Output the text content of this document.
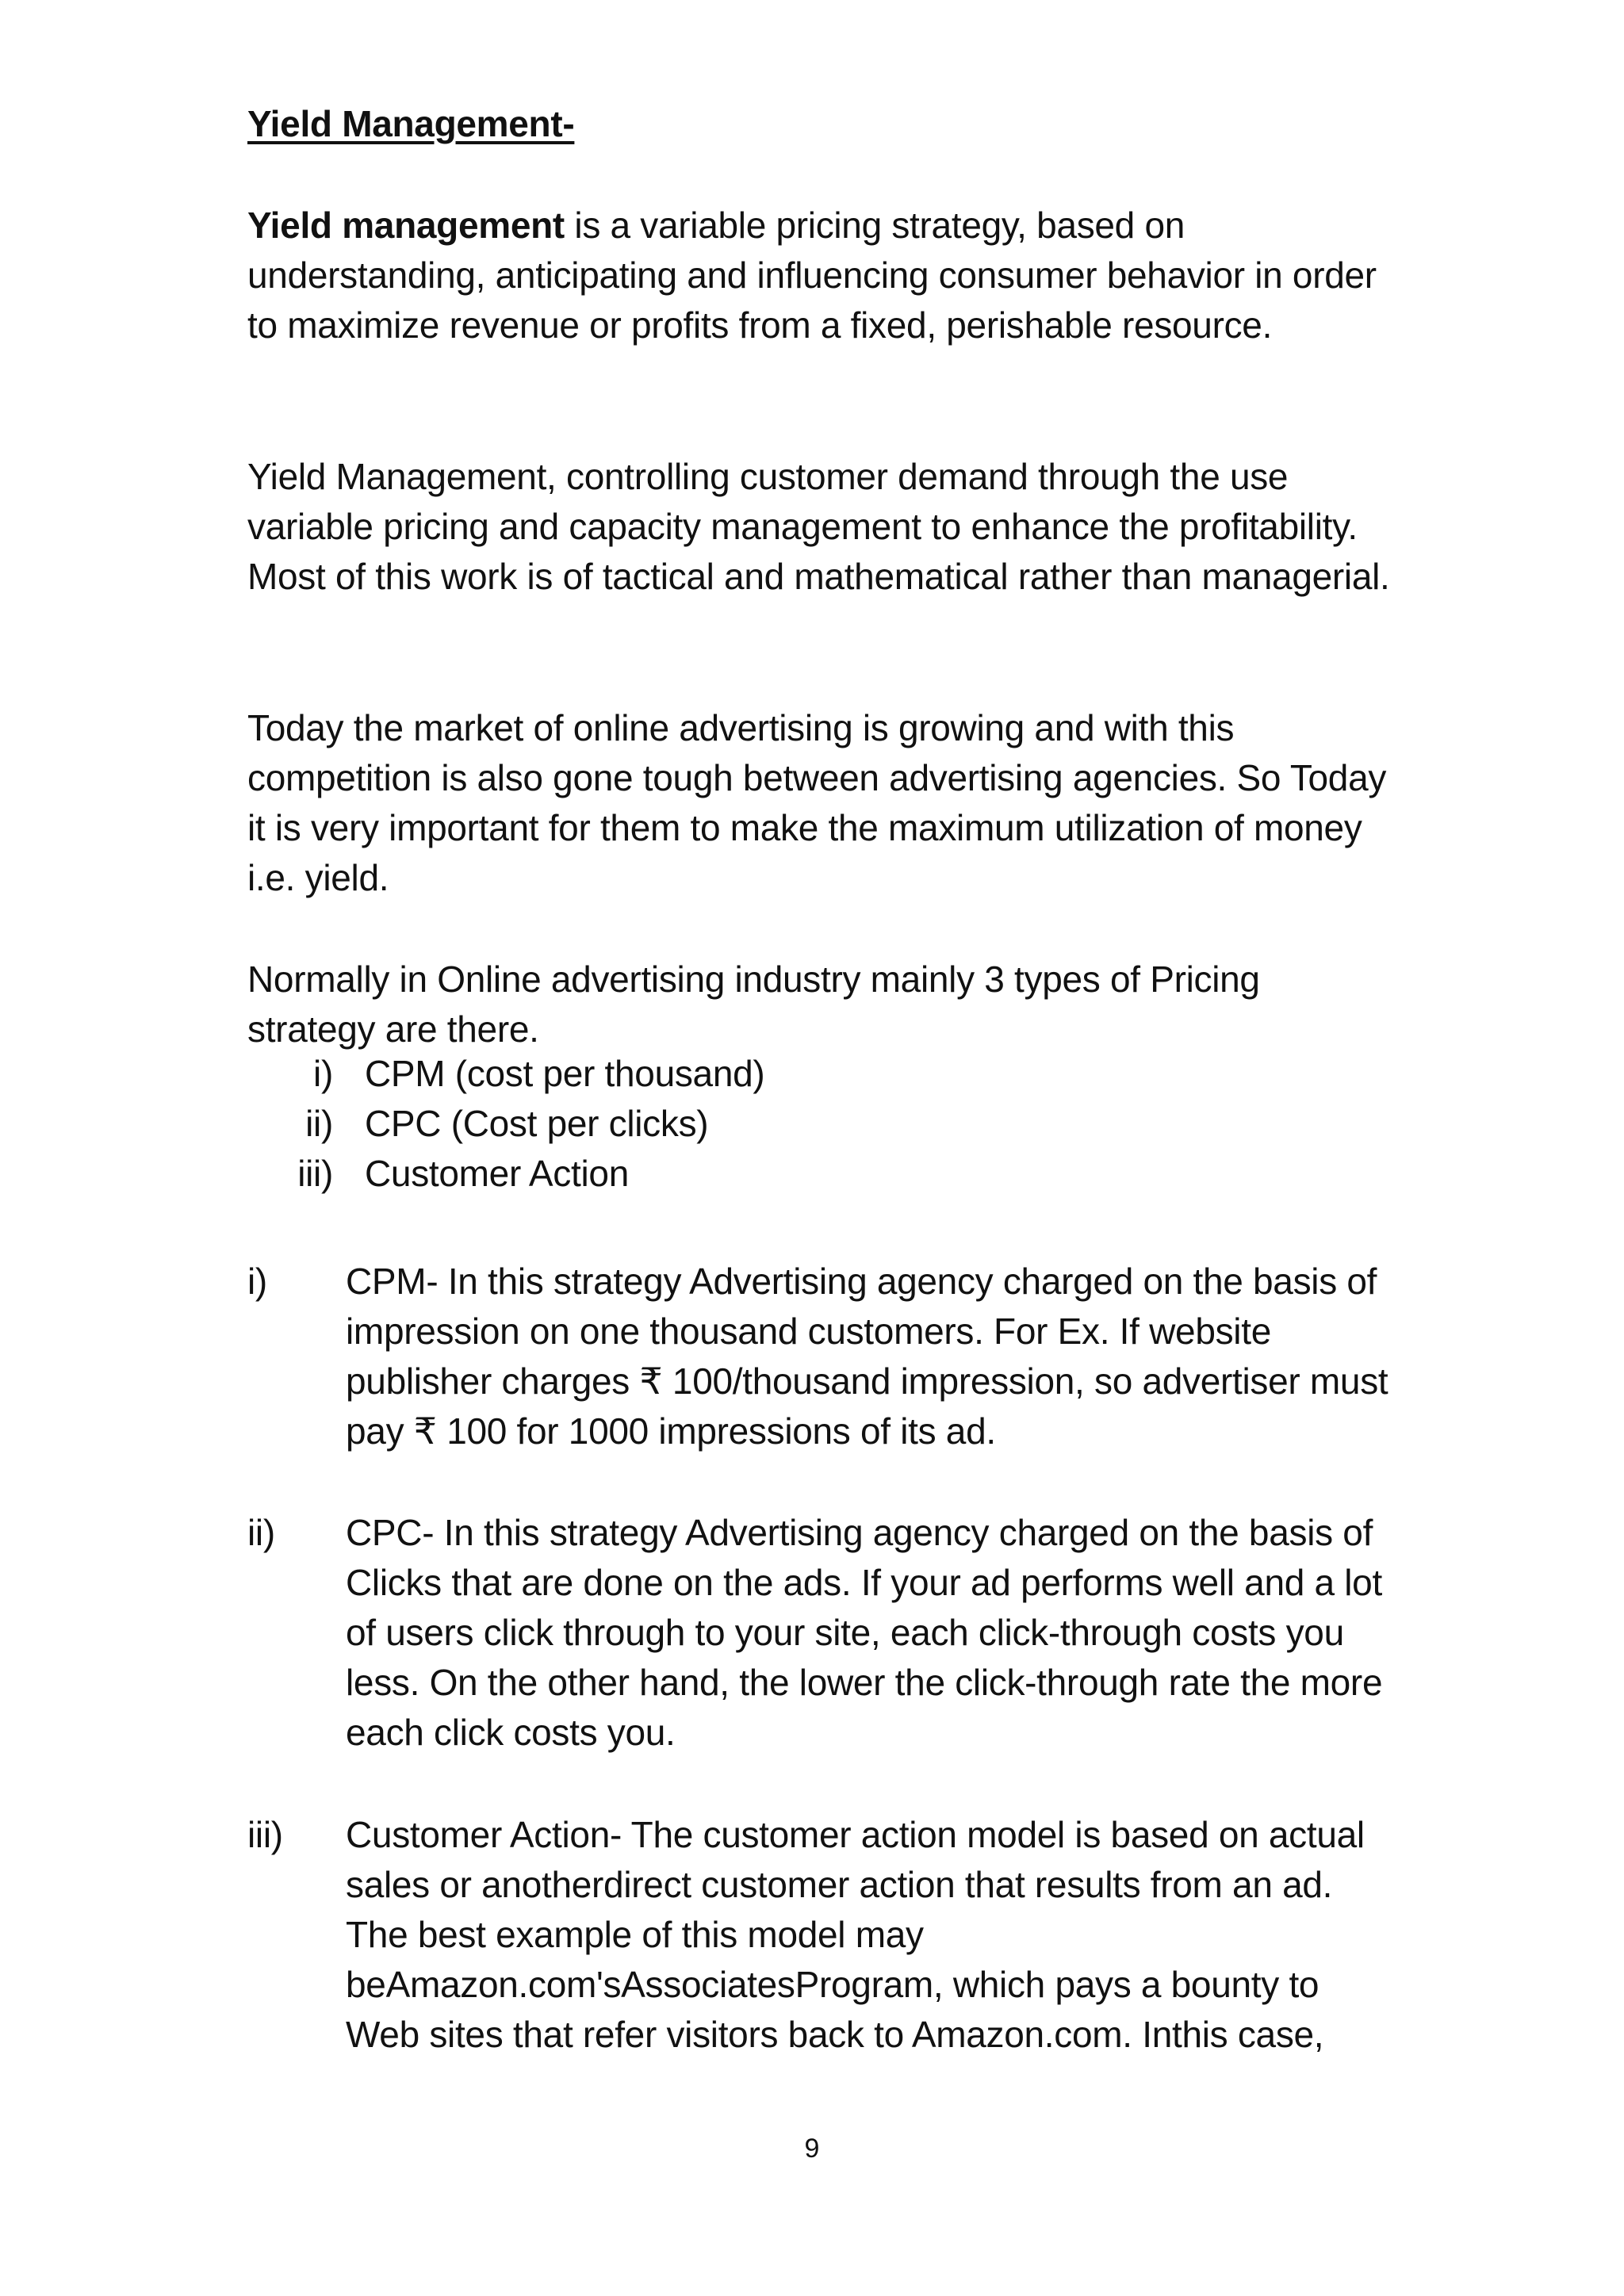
Yield Management-

Yield management is a variable pricing strategy, based on understanding, anticipating and influencing consumer behavior in order to maximize revenue or profits from a fixed, perishable resource.

Yield Management, controlling customer demand through the use variable pricing and capacity management to enhance the profitability. Most of this work is of tactical and mathematical rather than managerial.

Today the market of online advertising is growing and with this competition is also gone tough between advertising agencies. So Today it is very important for them to make the maximum utilization of money i.e. yield.

Normally in Online advertising industry mainly 3 types of Pricing strategy are there.

i) CPM (cost per thousand)
ii) CPC (Cost per clicks)
iii) Customer Action
i) CPM- In this strategy Advertising agency charged on the basis of impression on one thousand customers. For Ex. If website publisher charges ₹ 100/thousand impression, so advertiser must pay ₹ 100 for 1000 impressions of its ad.
ii) CPC- In this strategy Advertising agency charged on the basis of Clicks that are done on the ads. If your ad performs well and a lot of users click through to your site, each click-through costs you less. On the other hand, the lower the click-through rate the more each click costs you.
iii) Customer Action- The customer action model is based on actual sales or anotherdirect customer action that results from an ad. The best example of this model may beAmazon.com'sAssociatesProgram, which pays a bounty to Web sites that refer visitors back to Amazon.com. Inthis case,
9
